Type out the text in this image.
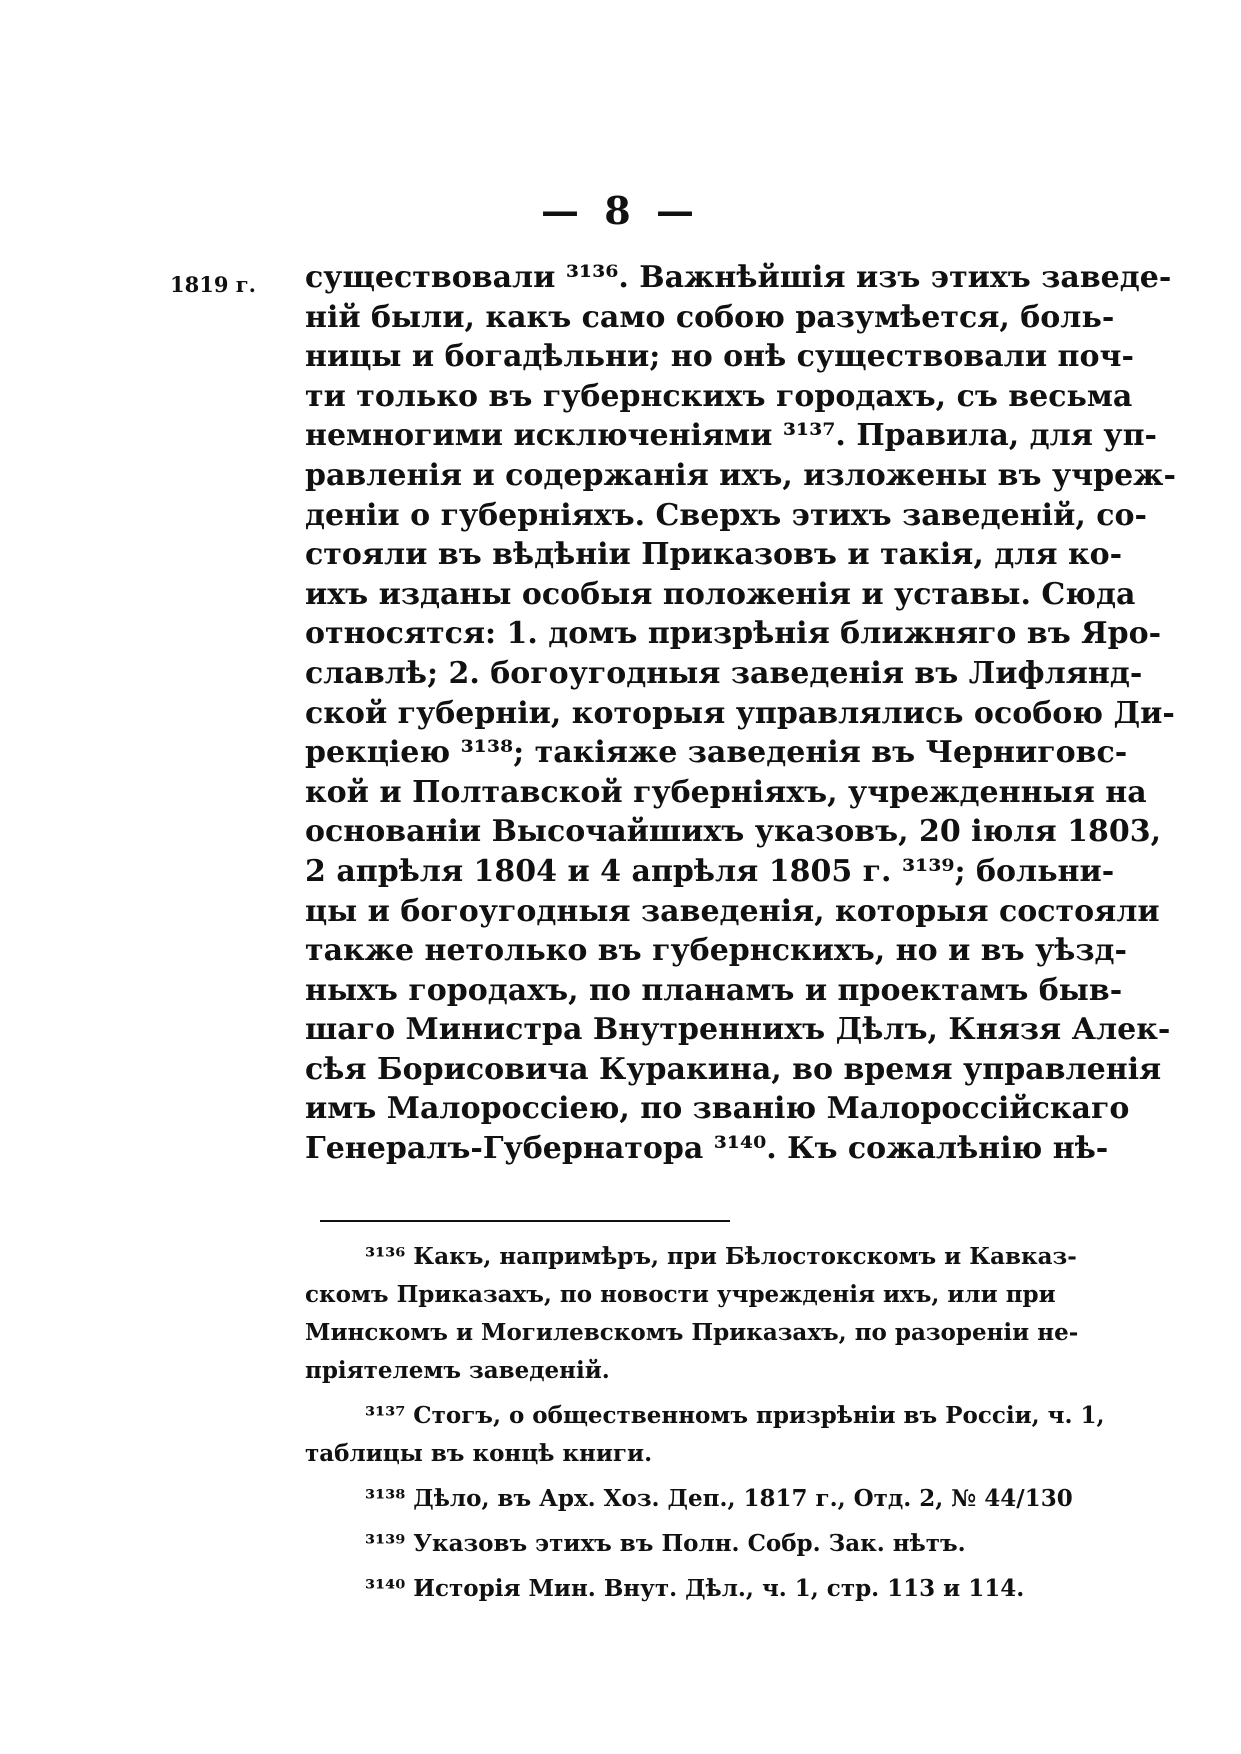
— 8 —
1819 г. существовали ³¹³⁶. Важнѣйшія изъ этихъ заведе-
ній были, какъ само собою разумѣется, боль-
ницы и богадѣльни; но онѣ существовали поч-
ти только въ губернскихъ городахъ, съ весьма
немногими исключеніями ³¹³⁷. Правила, для уп-
равленія и содержанія ихъ, изложены въ учреж-
деніи о губерніяхъ. Сверхъ этихъ заведеній, со-
стояли въ вѣдѣніи Приказовъ и такія, для ко-
ихъ изданы особыя положенія и уставы. Сюда
относятся: 1. домъ призрѣнія ближняго въ Яро-
славлѣ; 2. богоугодныя заведенія въ Лифлянд-
ской губерніи, которыя управлялись особою Ди-
рекціею ³¹³⁸; такіяже заведенія въ Черниговс-
кой и Полтавской губерніяхъ, учрежденныя на
основаніи Высочайшихъ указовъ, 20 іюля 1803,
2 апрѣля 1804 и 4 апрѣля 1805 г. ³¹³⁹; больни-
цы и богоугодныя заведенія, которыя состояли
также нетолько въ губернскихъ, но и въ уѣзд-
ныхъ городахъ, по планамъ и проектамъ быв-
шаго Министра Внутреннихъ Дѣлъ, Князя Алек-
сѣя Борисовича Куракина, во время управленія
имъ Малороссіею, по званію Малороссійскаго
Генералъ-Губернатора ³¹⁴⁰. Къ сожалѣнію нѣ-
³¹³⁶ Какъ, напримѣръ, при Бѣлостокскомъ и Кавказ-
скомъ Приказахъ, по новости учрежденія ихъ, или при
Минскомъ и Могилевскомъ Приказахъ, по разореніи не-
пріятелемъ заведеній.
³¹³⁷ Стогъ, о общественномъ призрѣніи въ Россіи, ч. 1,
таблицы въ концѣ книги.
³¹³⁸ Дѣло, въ Арх. Хоз. Деп., 1817 г., Отд. 2, № 44/130
³¹³⁹ Указовъ этихъ въ Полн. Собр. Зак. нѣтъ.
³¹⁴⁰ Исторія Мин. Внут. Дѣл., ч. 1, стр. 113 и 114.
